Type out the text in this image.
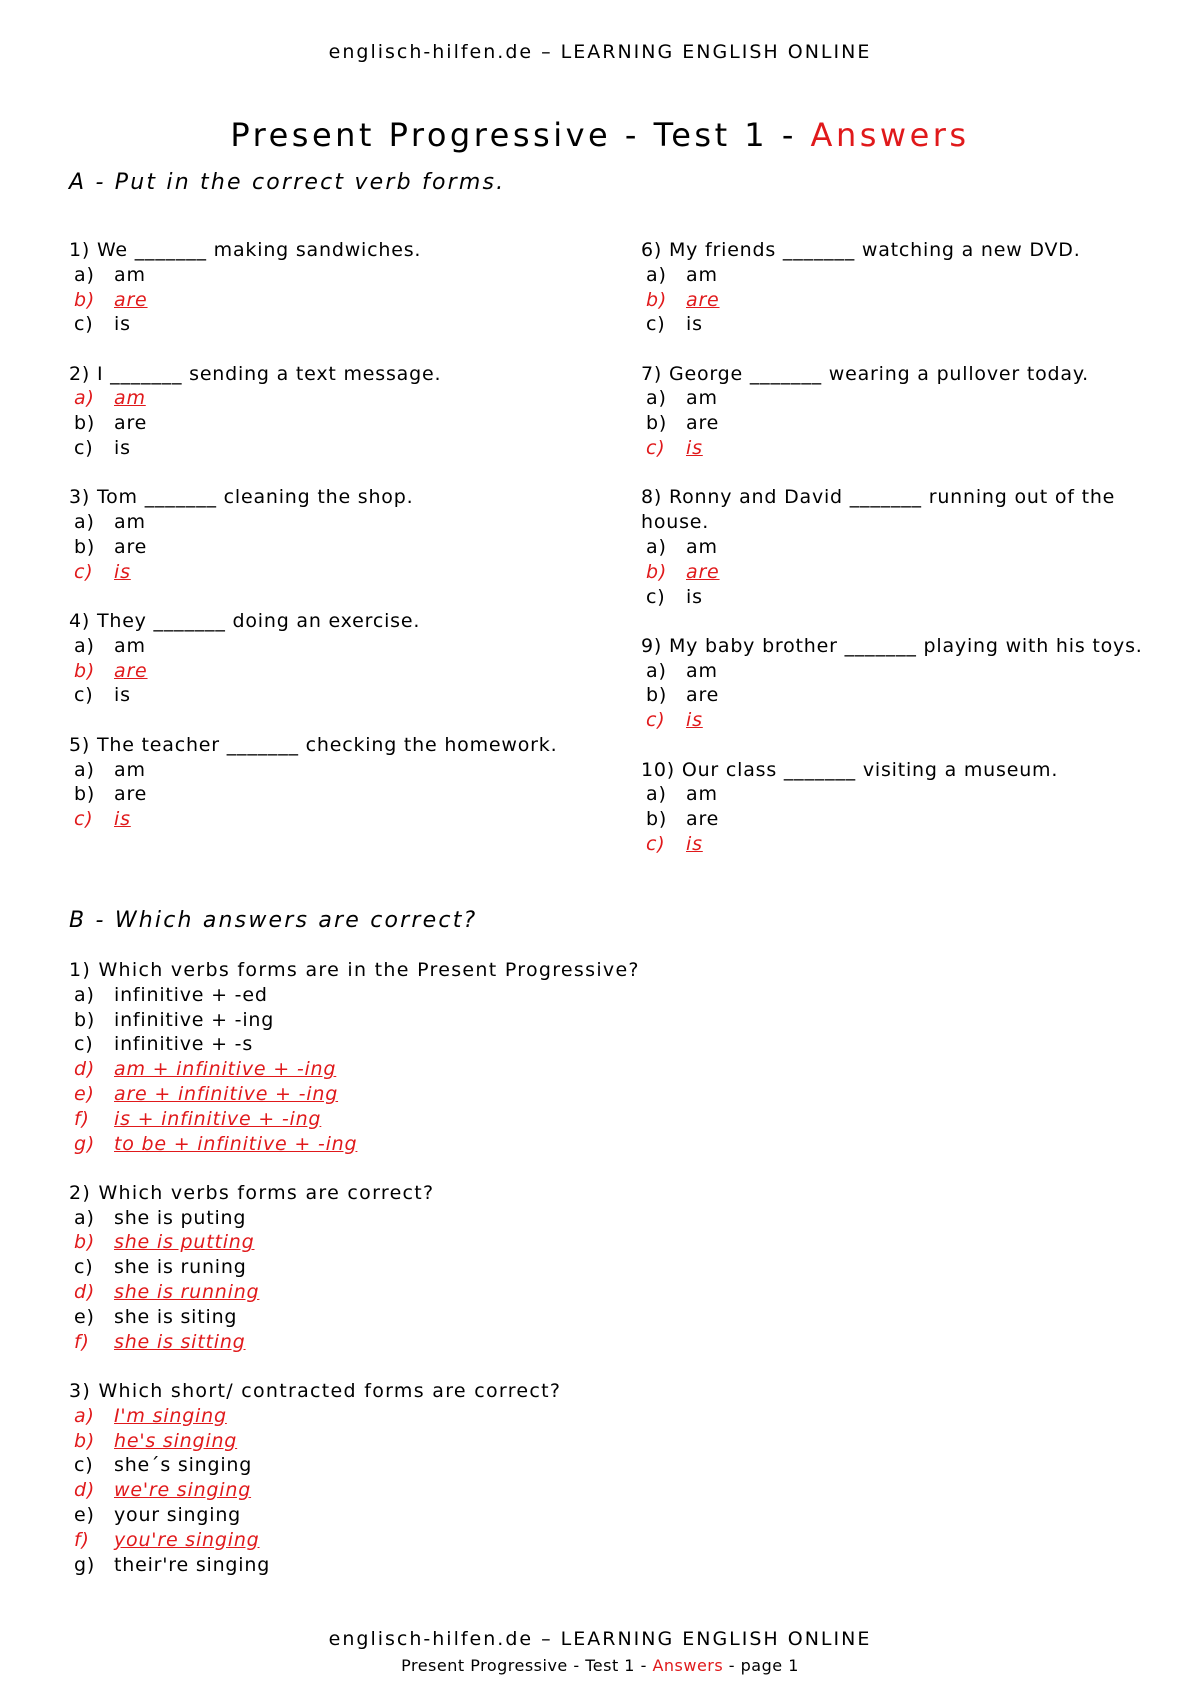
englisch-hilfen.de – LEARNING ENGLISH ONLINE
Present Progressive - Test 1 - Answers
A - Put in the correct verb forms.
1) We _______ making sandwiches.
a) am
b) are
c) is
2) I _______ sending a text message.
a) am
b) are
c) is
3) Tom _______ cleaning the shop.
a) am
b) are
c) is
4) They _______ doing an exercise.
a) am
b) are
c) is
5) The teacher _______ checking the homework.
a) am
b) are
c) is
6) My friends _______ watching a new DVD.
a) am
b) are
c) is
7) George _______ wearing a pullover today.
a) am
b) are
c) is
8) Ronny and David _______ running out of the house.
a) am
b) are
c) is
9) My baby brother _______ playing with his toys.
a) am
b) are
c) is
10) Our class _______ visiting a museum.
a) am
b) are
c) is
B - Which answers are correct?
1) Which verbs forms are in the Present Progressive?
a) infinitive + -ed
b) infinitive + -ing
c) infinitive + -s
d) am + infinitive + -ing
e) are + infinitive + -ing
f) is + infinitive + -ing
g) to be + infinitive + -ing
2) Which verbs forms are correct?
a) she is puting
b) she is putting
c) she is runing
d) she is running
e) she is siting
f) she is sitting
3) Which short/ contracted forms are correct?
a) I'm singing
b) he's singing
c) she´s singing
d) we're singing
e) your singing
f) you're singing
g) their're singing
englisch-hilfen.de – LEARNING ENGLISH ONLINE
Present Progressive - Test 1 - Answers - page 1
